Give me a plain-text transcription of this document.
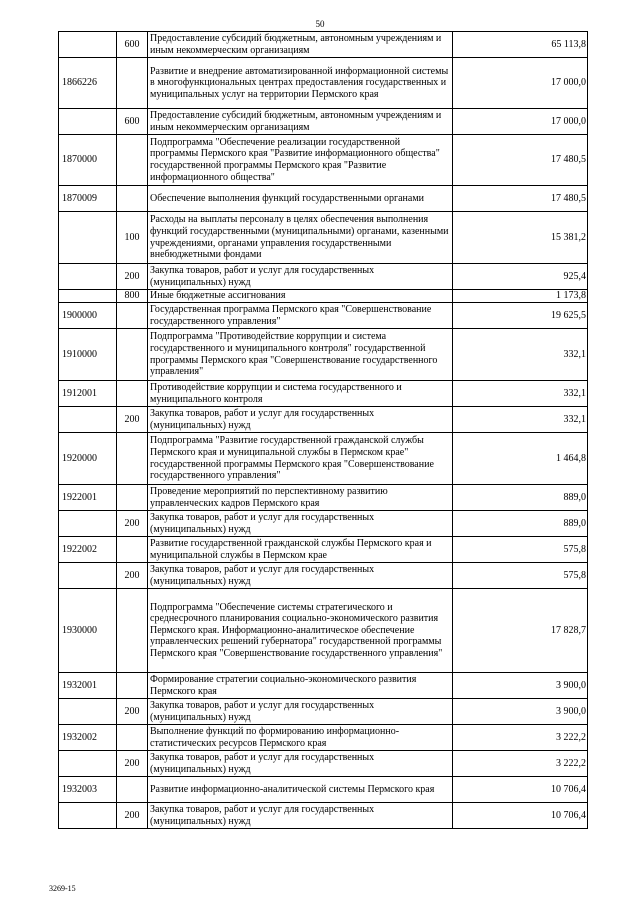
50
	600	Предоставление субсидий бюджетным, автономным учреждениям и иным некоммерческим организациям	65 113,8
1866226		Развитие и внедрение автоматизированной информационной системы в многофункциональных центрах предоставления государственных и муниципальных услуг на территории Пермского края	17 000,0
	600	Предоставление субсидий бюджетным, автономным учреждениям и иным некоммерческим организациям	17 000,0
1870000		Подпрограмма "Обеспечение реализации государственной программы Пермского края "Развитие информационного общества" государственной программы Пермского края "Развитие информационного общества"	17 480,5
1870009		Обеспечение выполнения функций государственными органами	17 480,5
	100	Расходы на выплаты персоналу в целях обеспечения выполнения функций государственными (муниципальными) органами, казенными учреждениями, органами управления государственными внебюджетными фондами	15 381,2
	200	Закупка товаров, работ и услуг для государственных (муниципальных) нужд	925,4
	800	Иные бюджетные ассигнования	1 173,8
1900000		Государственная программа Пермского края "Совершенствование государственного управления"	19 625,5
1910000		Подпрограмма "Противодействие коррупции и система государственного и муниципального контроля" государственной программы Пермского края "Совершенствование государственного управления"	332,1
1912001		Противодействие коррупции и система государственного и муниципального контроля	332,1
	200	Закупка товаров, работ и услуг для государственных (муниципальных) нужд	332,1
1920000		Подпрограмма "Развитие государственной гражданской службы Пермского края и муниципальной службы в Пермском крае" государственной программы Пермского края "Совершенствование государственного управления"	1 464,8
1922001		Проведение мероприятий по перспективному развитию управленческих кадров Пермского края	889,0
	200	Закупка товаров, работ и услуг для государственных (муниципальных) нужд	889,0
1922002		Развитие государственной гражданской службы Пермского края и муниципальной службы в Пермском крае	575,8
	200	Закупка товаров, работ и услуг для государственных (муниципальных) нужд	575,8
1930000		Подпрограмма "Обеспечение системы стратегического и среднесрочного планирования социально-экономического развития Пермского края. Информационно-аналитическое обеспечение управленческих решений губернатора" государственной программы Пермского края "Совершенствование государственного управления"	17 828,7
1932001		Формирование стратегии социально-экономического развития Пермского края	3 900,0
	200	Закупка товаров, работ и услуг для государственных (муниципальных) нужд	3 900,0
1932002		Выполнение функций по формированию информационно-статистических ресурсов Пермского края	3 222,2
	200	Закупка товаров, работ и услуг для государственных (муниципальных) нужд	3 222,2
1932003		Развитие информационно-аналитической системы Пермского края	10 706,4
	200	Закупка товаров, работ и услуг для государственных (муниципальных) нужд	10 706,4
3269-15
